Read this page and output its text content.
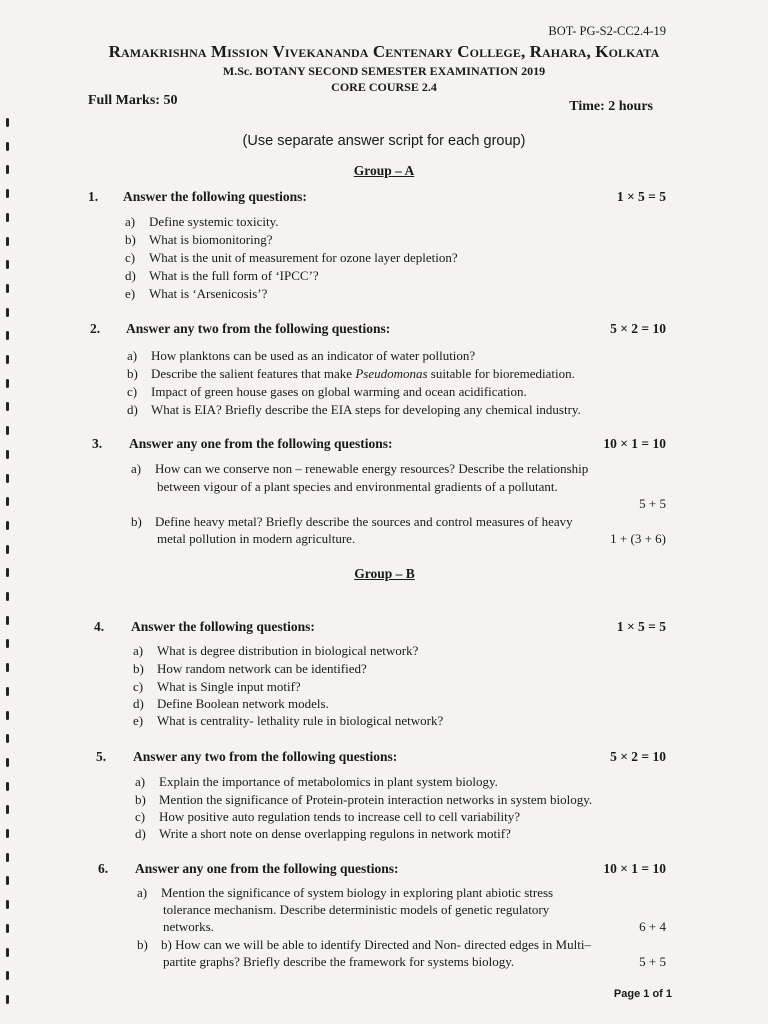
BOT- PG-S2-CC2.4-19
Ramakrishna Mission Vivekananda Centenary College, Rahara, Kolkata
M.Sc. BOTANY SECOND SEMESTER EXAMINATION 2019
CORE COURSE 2.4
Full Marks: 50	Time: 2 hours
(Use separate answer script for each group)
Group – A
1. Answer the following questions:	1 × 5 = 5
a) Define systemic toxicity.
b) What is biomonitoring?
c) What is the unit of measurement for ozone layer depletion?
d) What is the full form of ‘IPCC’?
e) What is ‘Arsenicosis’?
2. Answer any two from the following questions:	5 × 2 = 10
a) How planktons can be used as an indicator of water pollution?
b) Describe the salient features that make Pseudomonas suitable for bioremediation.
c) Impact of green house gases on global warming and ocean acidification.
d) What is EIA? Briefly describe the EIA steps for developing any chemical industry.
3. Answer any one from the following questions:	10 × 1 = 10
a) How can we conserve non – renewable energy resources? Describe the relationship
between vigour of a plant species and environmental gradients of a pollutant.
5 + 5
b) Define heavy metal? Briefly describe the sources and control measures of heavy
metal pollution in modern agriculture.	1 + (3 + 6)
Group – B
4. Answer the following questions:	1 × 5 = 5
a) What is degree distribution in biological network?
b) How random network can be identified?
c) What is Single input motif?
d) Define Boolean network models.
e) What is centrality- lethality rule in biological network?
5. Answer any two from the following questions:	5 × 2 = 10
a) Explain the importance of metabolomics in plant system biology.
b) Mention the significance of Protein-protein interaction networks in system biology.
c) How positive auto regulation tends to increase cell to cell variability?
d) Write a short note on dense overlapping regulons in network motif?
6. Answer any one from the following questions:	10 × 1 = 10
a) Mention the significance of system biology in exploring plant abiotic stress
tolerance mechanism. Describe deterministic models of genetic regulatory
networks.	6 + 4
b) b) How can we will be able to identify Directed and Non- directed edges in Multi–
partite graphs? Briefly describe the framework for systems biology.	5 + 5
Page 1 of 1
